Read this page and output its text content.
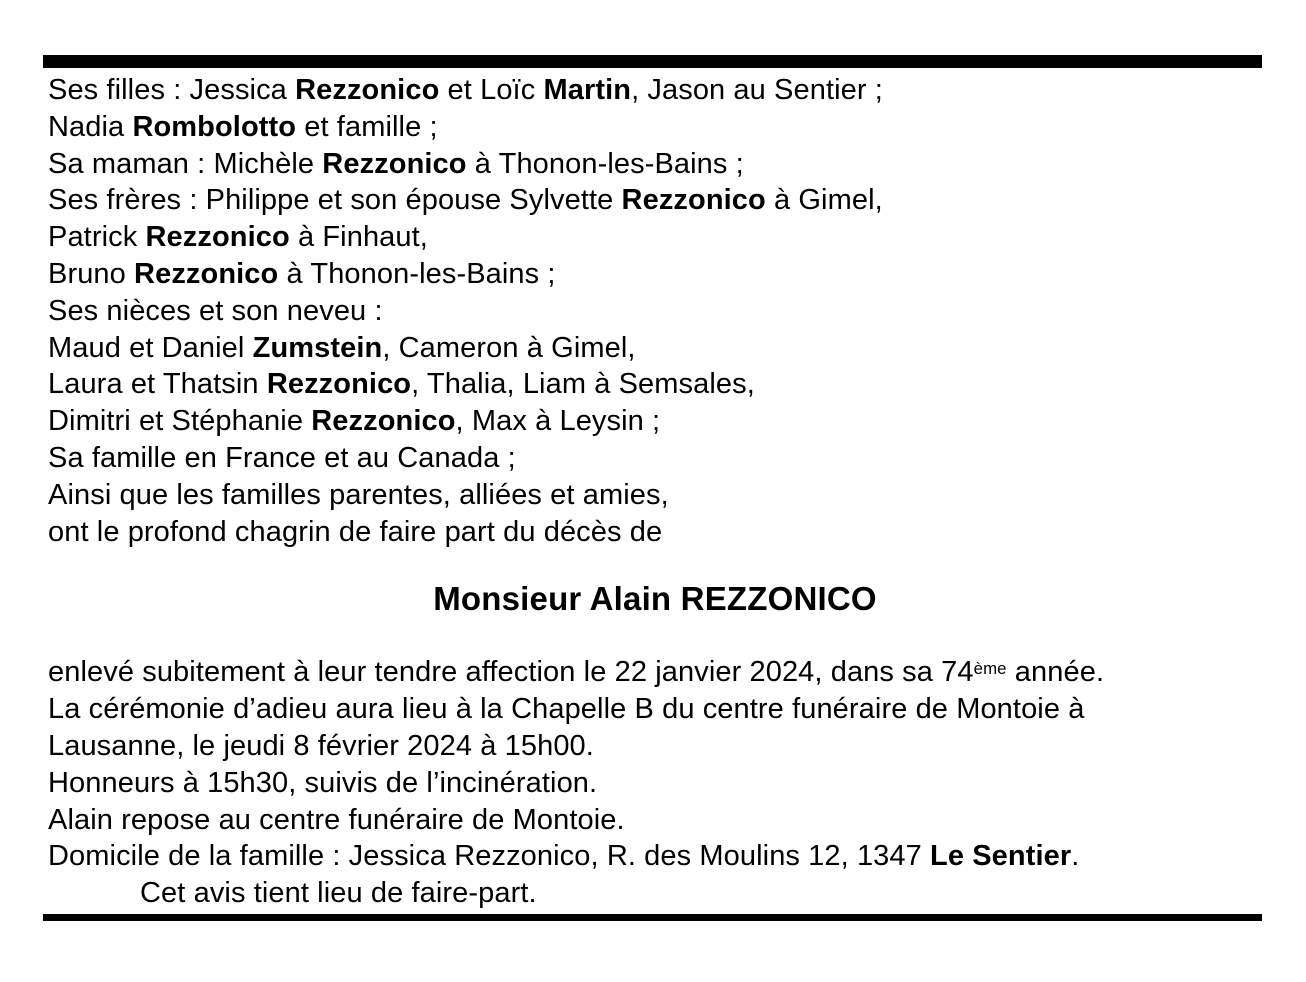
Ses filles : Jessica Rezzonico et Loïc Martin, Jason au Sentier ;
Nadia Rombolotto et famille ;
Sa maman : Michèle Rezzonico à Thonon-les-Bains ;
Ses frères : Philippe et son épouse Sylvette Rezzonico à Gimel,
Patrick Rezzonico à Finhaut,
Bruno Rezzonico à Thonon-les-Bains ;
Ses nièces et son neveu :
Maud et Daniel Zumstein, Cameron à Gimel,
Laura et Thatsin Rezzonico, Thalia, Liam à Semsales,
Dimitri et Stéphanie Rezzonico, Max à Leysin ;
Sa famille en France et au Canada ;
Ainsi que les familles parentes, alliées et amies,
ont le profond chagrin de faire part du décès de
Monsieur Alain REZZONICO
enlevé subitement à leur tendre affection le 22 janvier 2024, dans sa 74ème année.
La cérémonie d’adieu aura lieu à la Chapelle B du centre funéraire de Montoie à
Lausanne, le jeudi 8 février 2024 à 15h00.
Honneurs à 15h30, suivis de l’incinération.
Alain repose au centre funéraire de Montoie.
Domicile de la famille : Jessica Rezzonico, R. des Moulins 12, 1347 Le Sentier.
Cet avis tient lieu de faire-part.
